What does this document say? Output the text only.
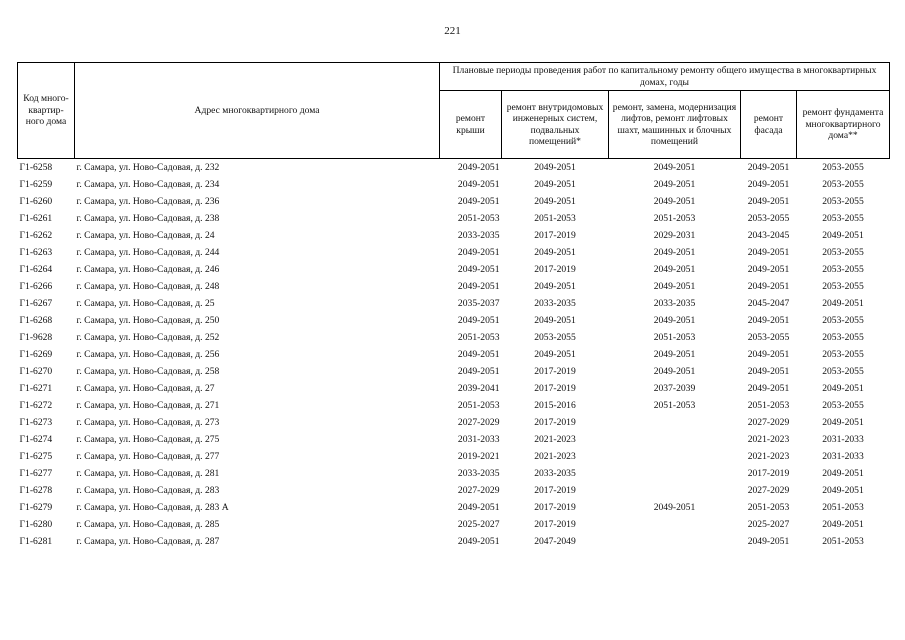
221
Код много-квартир-ного дома	Адрес многоквартирного дома	Плановые периоды проведения работ по капитальному ремонту общего имущества в многоквартирных домах, годы				
		ремонт крыши	ремонт внутридомовых инженерных систем, подвальных помещений*	ремонт, замена, модернизация лифтов, ремонт лифтовых шахт, машинных и блочных помещений	ремонт фасада	ремонт фундамента многоквартирного дома**
Г1-6258	г. Самара, ул. Ново-Садовая, д. 232	2049-2051	2049-2051	2049-2051	2049-2051	2053-2055
Г1-6259	г. Самара, ул. Ново-Садовая, д. 234	2049-2051	2049-2051	2049-2051	2049-2051	2053-2055
Г1-6260	г. Самара, ул. Ново-Садовая, д. 236	2049-2051	2049-2051	2049-2051	2049-2051	2053-2055
Г1-6261	г. Самара, ул. Ново-Садовая, д. 238	2051-2053	2051-2053	2051-2053	2053-2055	2053-2055
Г1-6262	г. Самара, ул. Ново-Садовая, д. 24	2033-2035	2017-2019	2029-2031	2043-2045	2049-2051
Г1-6263	г. Самара, ул. Ново-Садовая, д. 244	2049-2051	2049-2051	2049-2051	2049-2051	2053-2055
Г1-6264	г. Самара, ул. Ново-Садовая, д. 246	2049-2051	2017-2019	2049-2051	2049-2051	2053-2055
Г1-6266	г. Самара, ул. Ново-Садовая, д. 248	2049-2051	2049-2051	2049-2051	2049-2051	2053-2055
Г1-6267	г. Самара, ул. Ново-Садовая, д. 25	2035-2037	2033-2035	2033-2035	2045-2047	2049-2051
Г1-6268	г. Самара, ул. Ново-Садовая, д. 250	2049-2051	2049-2051	2049-2051	2049-2051	2053-2055
Г1-9628	г. Самара, ул. Ново-Садовая, д. 252	2051-2053	2053-2055	2051-2053	2053-2055	2053-2055
Г1-6269	г. Самара, ул. Ново-Садовая, д. 256	2049-2051	2049-2051	2049-2051	2049-2051	2053-2055
Г1-6270	г. Самара, ул. Ново-Садовая, д. 258	2049-2051	2017-2019	2049-2051	2049-2051	2053-2055
Г1-6271	г. Самара, ул. Ново-Садовая, д. 27	2039-2041	2017-2019	2037-2039	2049-2051	2049-2051
Г1-6272	г. Самара, ул. Ново-Садовая, д. 271	2051-2053	2015-2016	2051-2053	2051-2053	2053-2055
Г1-6273	г. Самара, ул. Ново-Садовая, д. 273	2027-2029	2017-2019		2027-2029	2049-2051
Г1-6274	г. Самара, ул. Ново-Садовая, д. 275	2031-2033	2021-2023		2021-2023	2031-2033
Г1-6275	г. Самара, ул. Ново-Садовая, д. 277	2019-2021	2021-2023		2021-2023	2031-2033
Г1-6277	г. Самара, ул. Ново-Садовая, д. 281	2033-2035	2033-2035		2017-2019	2049-2051
Г1-6278	г. Самара, ул. Ново-Садовая, д. 283	2027-2029	2017-2019		2027-2029	2049-2051
Г1-6279	г. Самара, ул. Ново-Садовая, д. 283 А	2049-2051	2017-2019	2049-2051	2051-2053	2051-2053
Г1-6280	г. Самара, ул. Ново-Садовая, д. 285	2025-2027	2017-2019		2025-2027	2049-2051
Г1-6281	г. Самара, ул. Ново-Садовая, д. 287	2049-2051	2047-2049		2049-2051	2051-2053
